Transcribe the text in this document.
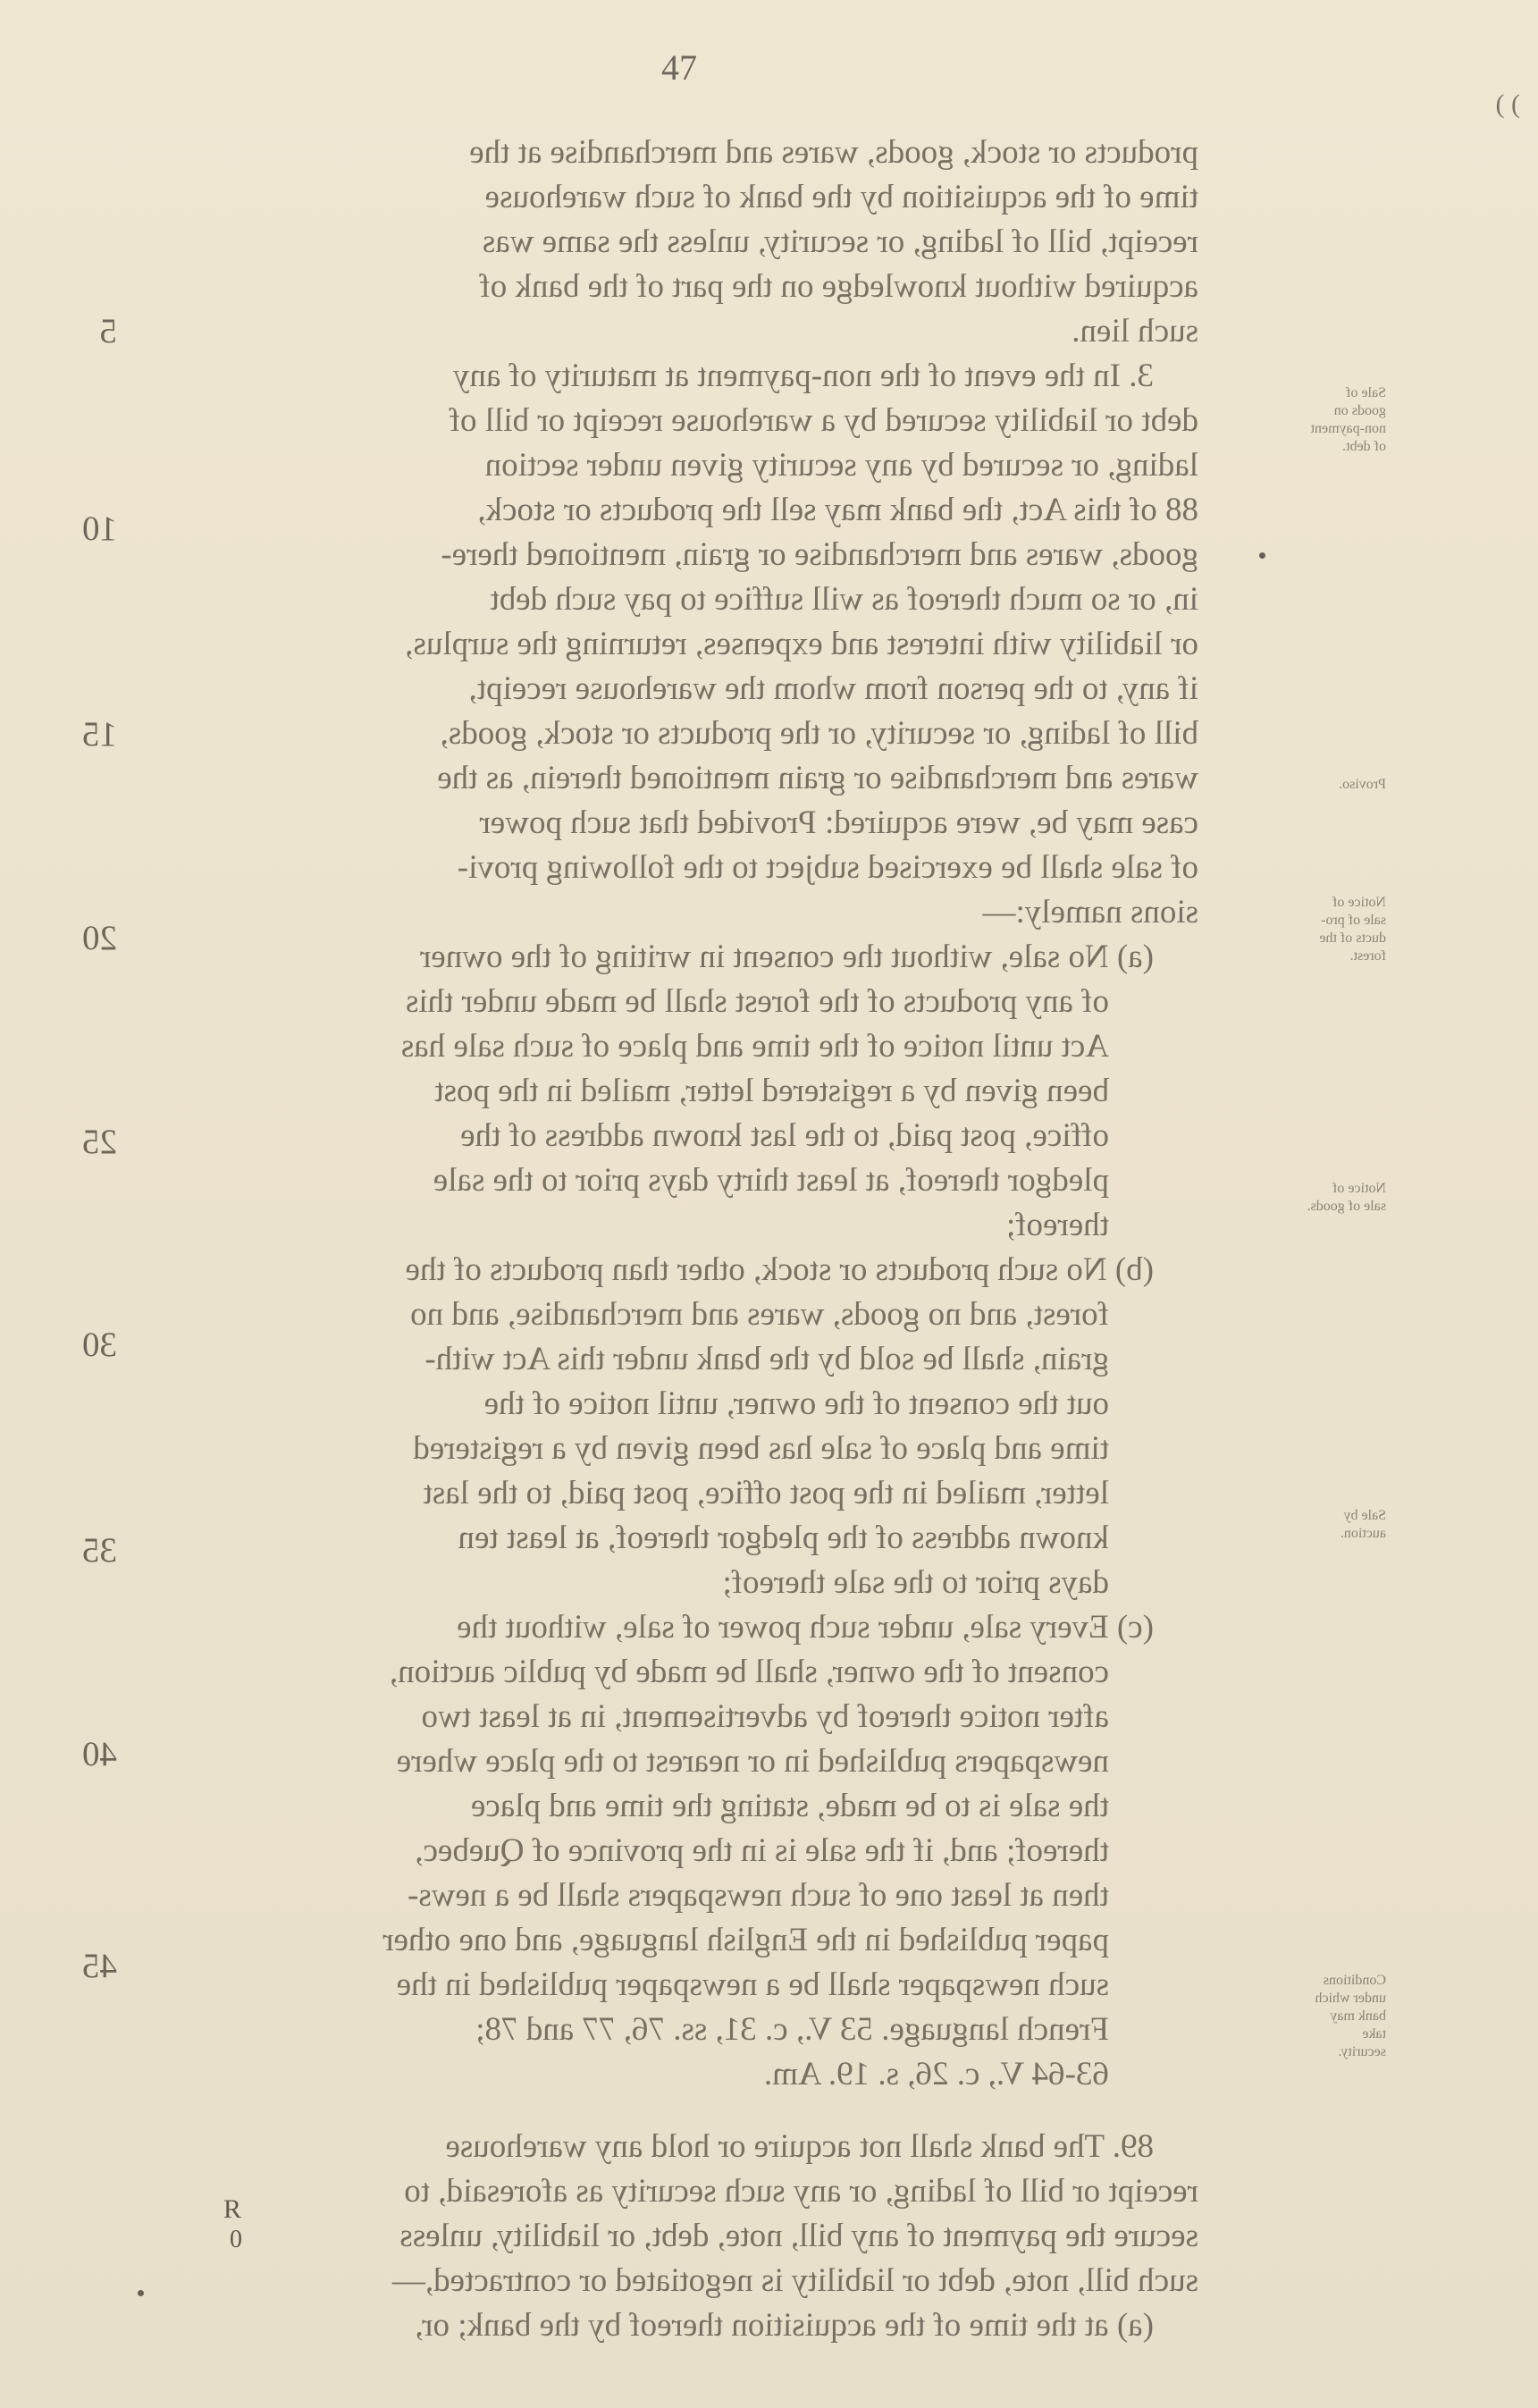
47
( (
products or stock, goods, wares and merchandise at the
time of the acquisition by the bank of such warehouse
receipt, bill of lading, or security, unless the same was
acquired without knowledge on the part of the bank of
such lien.
3. In the event of the non-payment at maturity of any
debt or liability secured by a warehouse receipt or bill of
lading, or secured by any security given under section
88 of this Act, the bank may sell the products or stock,
goods, wares and merchandise or grain, mentioned there-
in, or so much thereof as will suffice to pay such debt
or liability with interest and expenses, returning the surplus,
if any, to the person from whom the warehouse receipt,
bill of lading, or security, or the products or stock, goods,
wares and merchandise or grain mentioned therein, as the
case may be, were acquired: Provided that such power
of sale shall be exercised subject to the following provi-
sions namely:—
(a) No sale, without the consent in writing of the owner
of any products of the forest shall be made under this
Act until notice of the time and place of such sale has
been given by a registered letter, mailed in the post
office, post paid, to the last known address of the
pledgor thereof, at least thirty days prior to the sale
thereof;
(b) No such products or stock, other than products of the
forest, and no goods, wares and merchandise, and no
grain, shall be sold by the bank under this Act with-
out the consent of the owner, until notice of the
time and place of sale has been given by a registered
letter, mailed in the post office, post paid, to the last
known address of the pledgor thereof, at least ten
days prior to the sale thereof;
(c) Every sale, under such power of sale, without the
consent of the owner, shall be made by public auction,
after notice thereof by advertisement, in at least two
newspapers published in or nearest to the place where
the sale is to be made, stating the time and place
thereof; and, if the sale is in the province of Quebec,
then at least one of such newspapers shall be a news-
paper published in the English language, and one other
such newspaper shall be a newspaper published in the
French language. 53 V., c. 31, ss. 76, 77 and 78;
63-64 V., c. 26, s. 19. Am.
89. The bank shall not acquire or hold any warehouse
receipt or bill of lading, or any such security as aforesaid, to
secure the payment of any bill, note, debt, or liability, unless
such bill, note, debt or liability is negotiated or contracted,—
(a) at the time of the acquisition thereof by the bank; or,
5
10
15
20
25
30
35
40
45
Sale of
goods on
non-payment
of debt.
Proviso.
Notice of
sale of pro-
ducts of the
forest.
Notice of
sale of goods.
Sale by
auction.
Conditions
under which
bank may
take
security.
R
0
